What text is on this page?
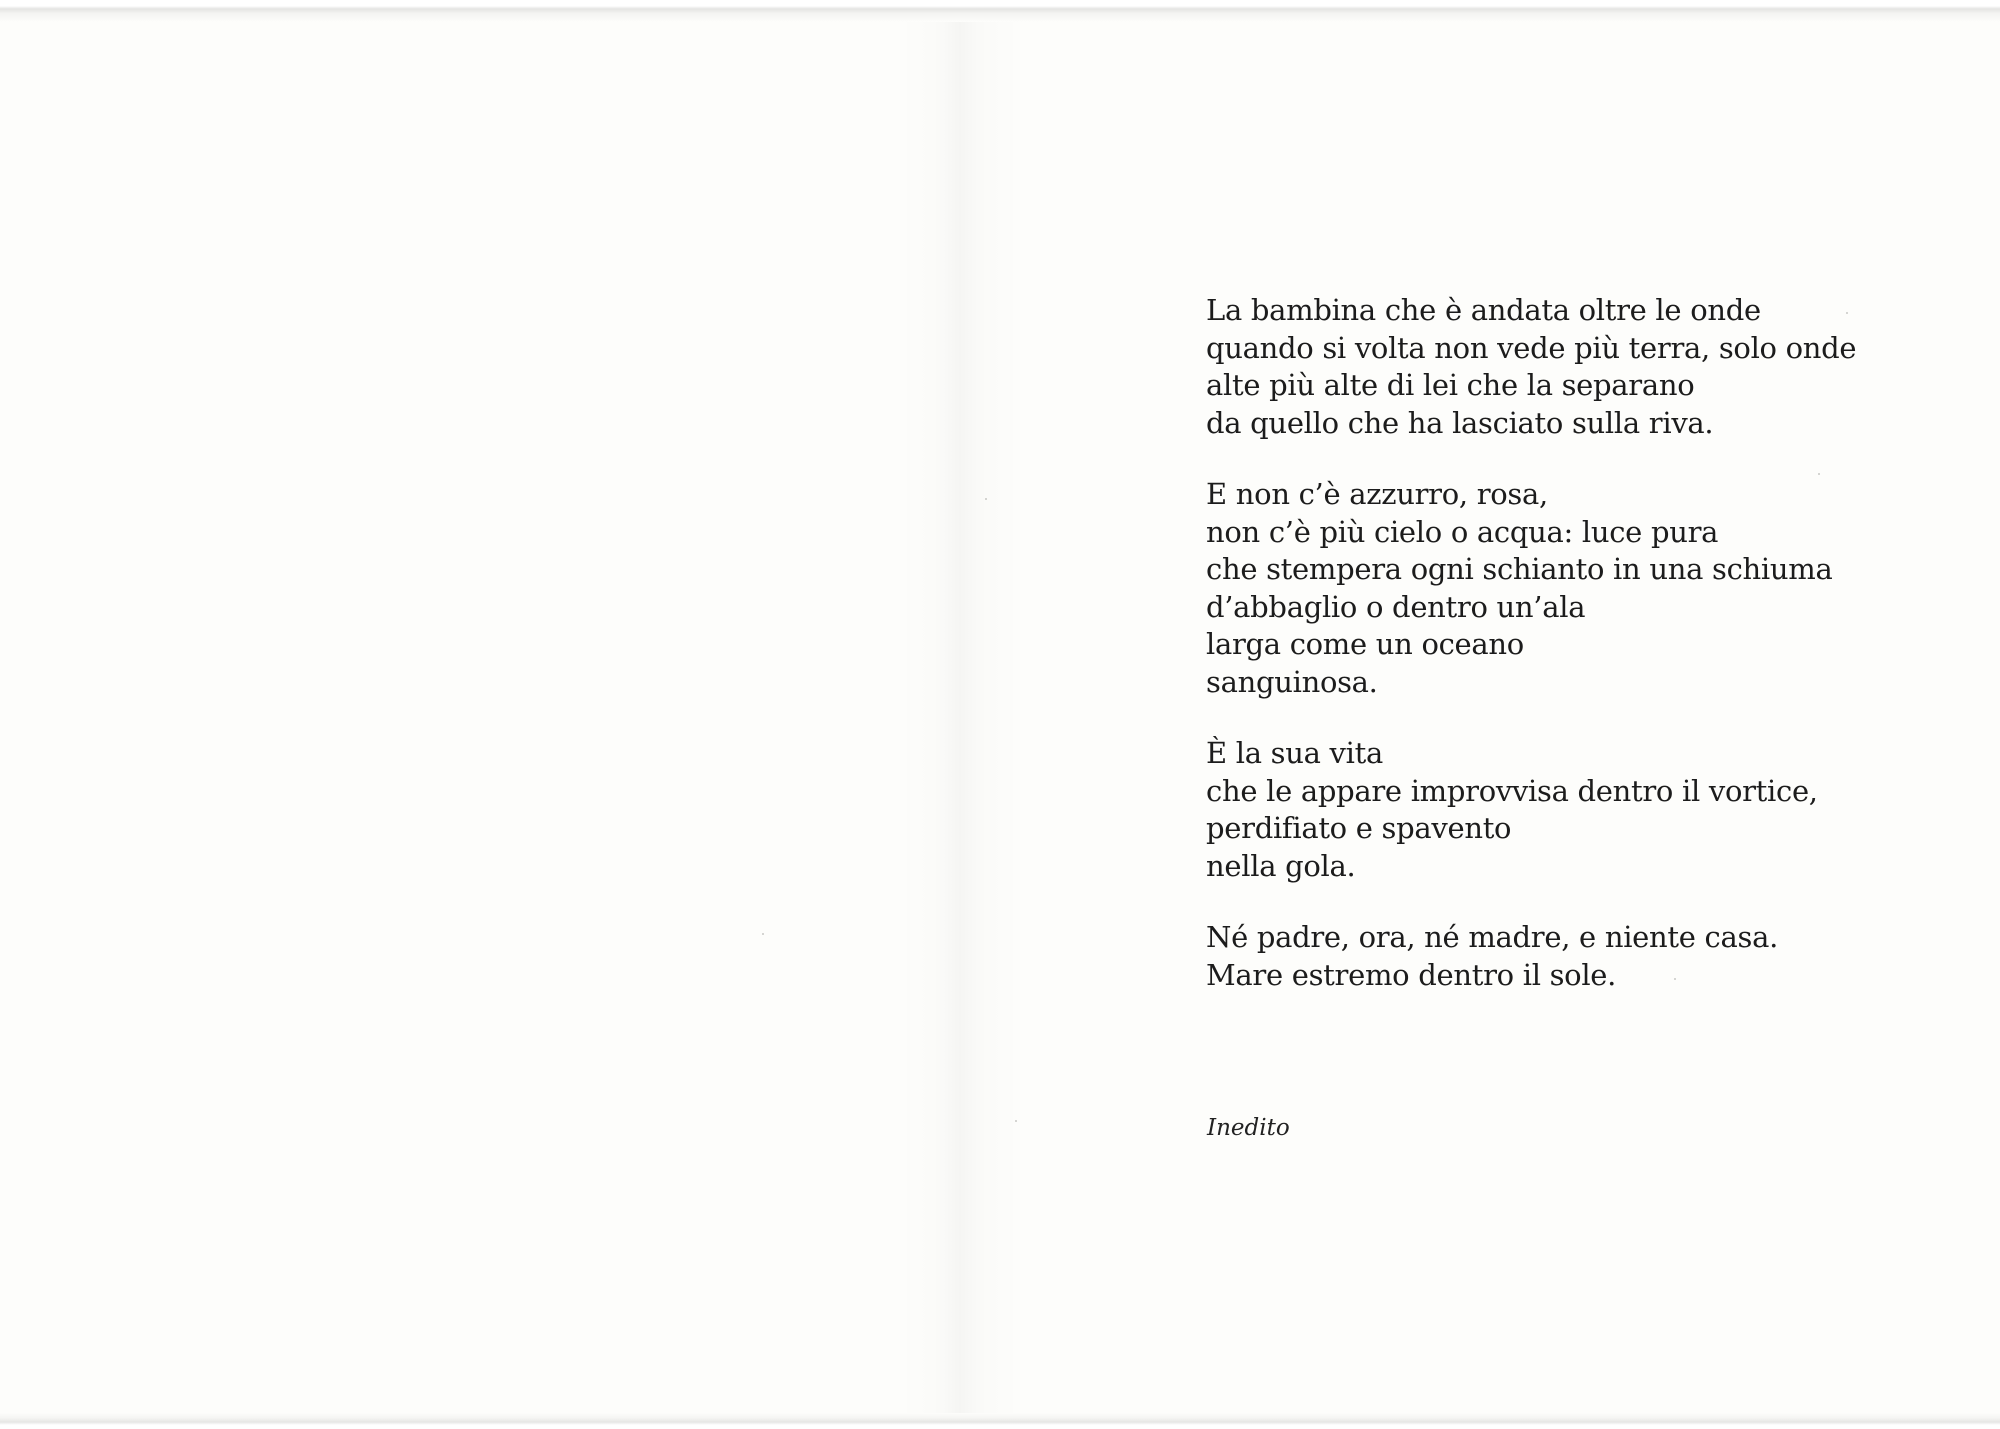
La bambina che è andata oltre le onde
quando si volta non vede più terra, solo onde
alte più alte di lei che la separano
da quello che ha lasciato sulla riva.
E non c’è azzurro, rosa,
non c’è più cielo o acqua: luce pura
che stempera ogni schianto in una schiuma
d’abbaglio o dentro un’ala
larga come un oceano
sanguinosa.
È la sua vita
che le appare improvvisa dentro il vortice,
perdifiato e spavento
nella gola.
Né padre, ora, né madre, e niente casa.
Mare estremo dentro il sole.
Inedito
